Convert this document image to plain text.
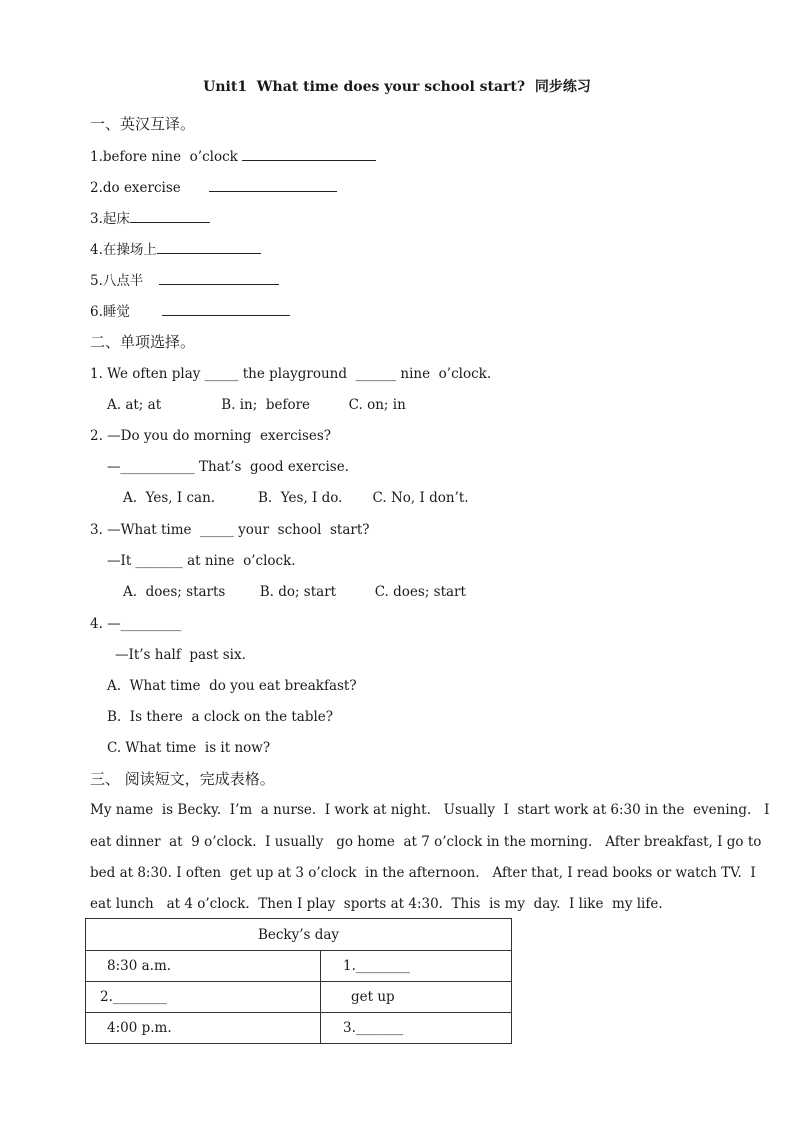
Unit1  What time does your school start?  同步练习
一、英汉互译。
1.before nine  o’clock
2.do exercise
3.起床
4.在操场上
5.八点半
6.睡觉
二、单项选择。
1. We often play _____ the playground  ______ nine  o’clock.
A. at; at              B. in;  before         C. on; in
2. —Do you do morning  exercises?
—___________ That’s  good exercise.
A.  Yes, I can.          B.  Yes, I do.       C. No, I don’t.
3. —What time  _____ your  school  start?
—It _______ at nine  o’clock.
A.  does; starts        B. do; start         C. does; start
4. —_________
—It’s half  past six.
A.  What time  do you eat breakfast?
B.  Is there  a clock on the table?
C. What time  is it now?
三、 阅读短文，完成表格。
My name  is Becky.  I’m  a nurse.  I work at night.   Usually  I  start work at 6:30 in the  evening.   I
eat dinner  at  9 o’clock.  I usually   go home  at 7 o’clock in the morning.   After breakfast, I go to
bed at 8:30. I often  get up at 3 o’clock  in the afternoon.   After that, I read books or watch TV.  I
eat lunch   at 4 o’clock.  Then I play  sports at 4:30.  This  is my  day.  I like  my life.
Becky’s day	
8:30 a.m.	1.________
2.________	get up
4:00 p.m.	3._______
